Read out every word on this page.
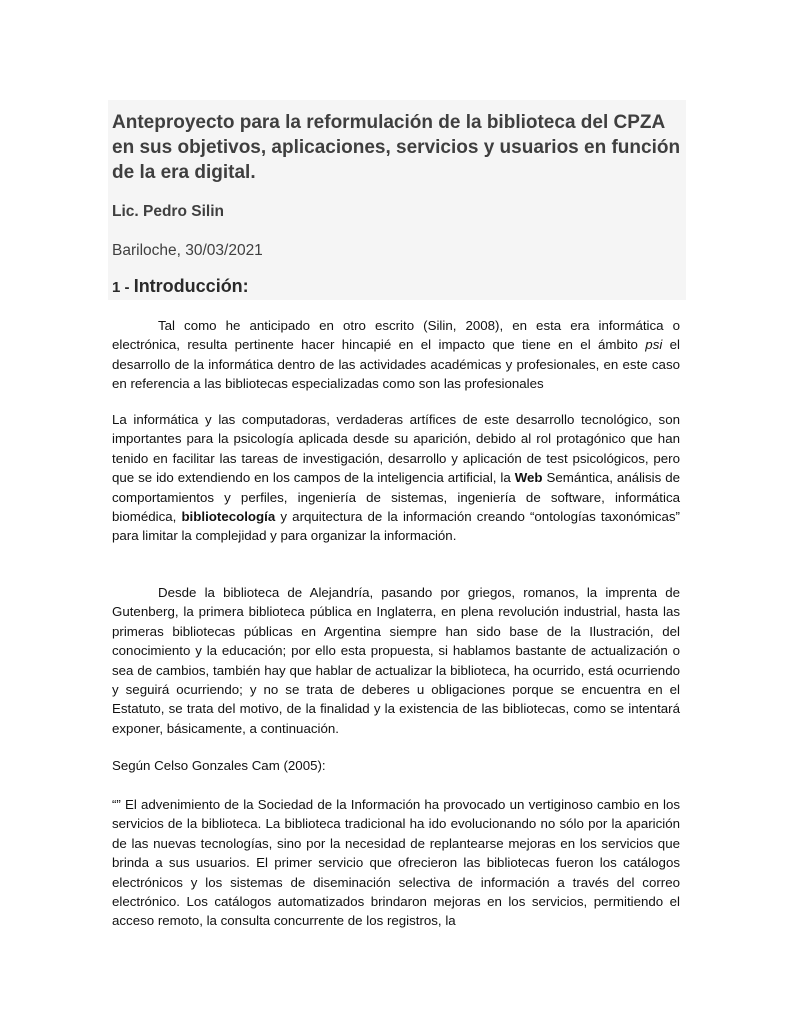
Anteproyecto para la reformulación de la biblioteca del CPZA en sus objetivos, aplicaciones, servicios y usuarios en función de la era digital.
Lic. Pedro Silin
Bariloche, 30/03/2021
1 - Introducción:

Tal como he anticipado en otro escrito (Silin, 2008), en esta era informática o electrónica, resulta pertinente hacer hincapié en el impacto que tiene en el ámbito psi el desarrollo de la informática dentro de las actividades académicas y profesionales, en este caso en referencia a las bibliotecas especializadas como son las profesionales

La informática y las computadoras, verdaderas artífices de este desarrollo tecnológico, son importantes para la psicología aplicada desde su aparición, debido al rol protagónico que han tenido en facilitar las tareas de investigación, desarrollo y aplicación de test psicológicos, pero que se ido extendiendo en los campos de la inteligencia artificial, la Web Semántica, análisis de comportamientos y perfiles, ingeniería de sistemas, ingeniería de software, informática biomédica, bibliotecología y arquitectura de la información creando “ontologías taxonómicas” para limitar la complejidad y para organizar la información.

Desde la biblioteca de Alejandría, pasando por griegos, romanos, la imprenta de Gutenberg, la primera biblioteca pública en Inglaterra, en plena revolución industrial, hasta las primeras bibliotecas públicas en Argentina siempre han sido base de la Ilustración, del conocimiento y la educación; por ello esta propuesta, si hablamos bastante de actualización o sea de cambios, también hay que hablar de actualizar la biblioteca, ha ocurrido, está ocurriendo y seguirá ocurriendo; y no se trata de deberes u obligaciones porque se encuentra en el Estatuto, se trata del motivo, de la finalidad y la existencia de las bibliotecas, como se intentará exponer, básicamente, a continuación.

Según Celso Gonzales Cam (2005):

“” El advenimiento de la Sociedad de la Información ha provocado un vertiginoso cambio en los servicios de la biblioteca. La biblioteca tradicional ha ido evolucionando no sólo por la aparición de las nuevas tecnologías, sino por la necesidad de replantearse mejoras en los servicios que brinda a sus usuarios. El primer servicio que ofrecieron las bibliotecas fueron los catálogos electrónicos y los sistemas de diseminación selectiva de información a través del correo electrónico. Los catálogos automatizados brindaron mejoras en los servicios, permitiendo el acceso remoto, la consulta concurrente de los registros, la
